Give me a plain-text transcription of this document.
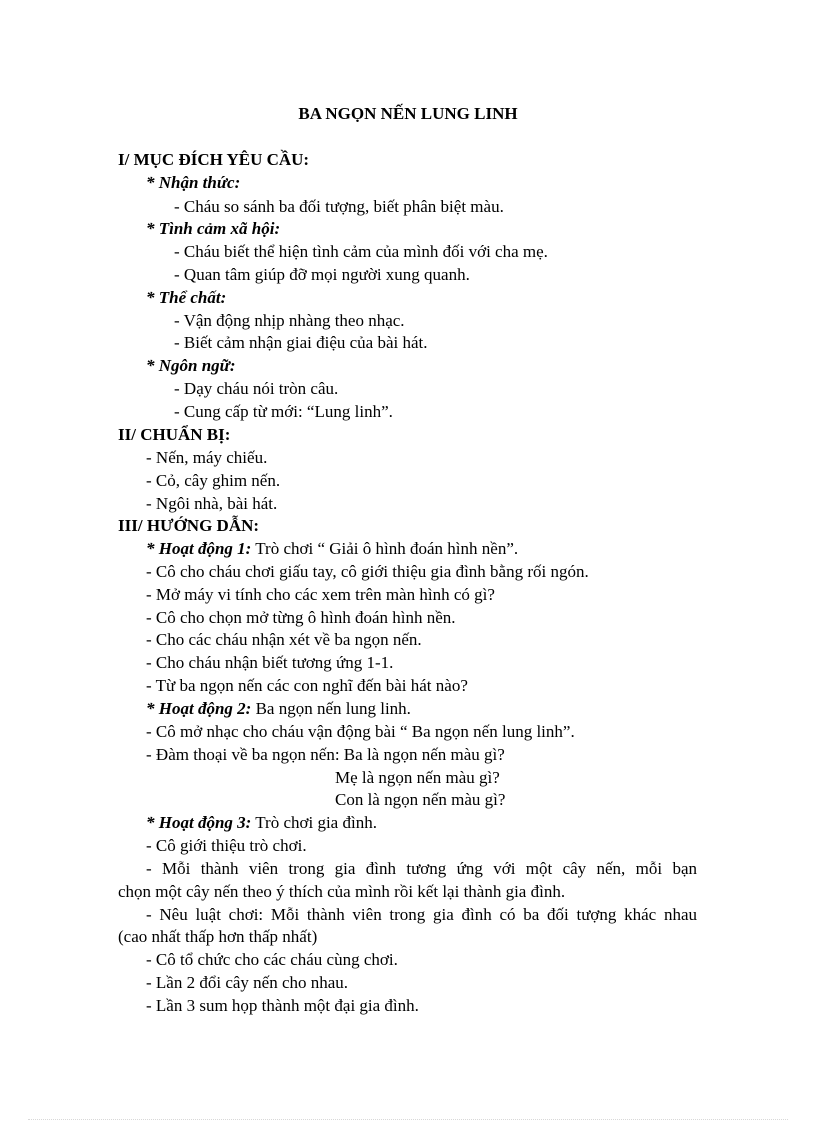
BA NGỌN NẾN LUNG LINH
I/ MỤC ĐÍCH YÊU CẦU:
* Nhận thức:
- Cháu so sánh ba đối tượng, biết phân biệt màu.
* Tình cảm xã hội:
- Cháu biết thể hiện tình cảm của mình đối với cha mẹ.
- Quan tâm giúp đỡ mọi người xung quanh.
* Thể chất:
- Vận động nhịp nhàng theo nhạc.
- Biết cảm nhận giai điệu của bài hát.
* Ngôn ngữ:
- Dạy cháu nói tròn câu.
- Cung cấp từ mới: “Lung linh”.
II/ CHUẨN BỊ:
- Nến, máy chiếu.
- Cỏ, cây ghim nến.
- Ngôi nhà, bài hát.
III/ HƯỚNG DẪN:
* Hoạt động 1: Trò chơi “ Giải ô hình đoán hình nền”.
- Cô cho cháu chơi giấu tay, cô giới thiệu gia đình bằng rối ngón.
- Mở máy vi tính cho các xem trên màn hình có gì?
- Cô cho chọn mở từng ô hình đoán hình nền.
- Cho các cháu nhận xét về ba ngọn nến.
- Cho cháu nhận biết tương ứng 1-1.
- Từ ba ngọn nến các con nghĩ đến bài hát nào?
* Hoạt động 2: Ba ngọn nến lung linh.
- Cô mở nhạc cho cháu vận động bài “ Ba ngọn nến lung linh”.
- Đàm thoại về ba ngọn nến: Ba là ngọn nến màu gì?
Mẹ là ngọn nến màu gì?
Con là ngọn nến màu gì?
* Hoạt động 3: Trò chơi gia đình.
- Cô giới thiệu trò chơi.
- Mỗi thành viên trong gia đình tương ứng với một cây nến, mỗi bạn
chọn một cây nến theo ý thích của mình rồi kết lại thành gia đình.
- Nêu luật chơi: Mỗi thành viên trong gia đình có ba đối tượng khác nhau
(cao nhất thấp hơn thấp nhất)
- Cô tổ chức cho các cháu cùng chơi.
- Lần 2 đổi cây nến cho nhau.
- Lần 3 sum họp thành một đại gia đình.
